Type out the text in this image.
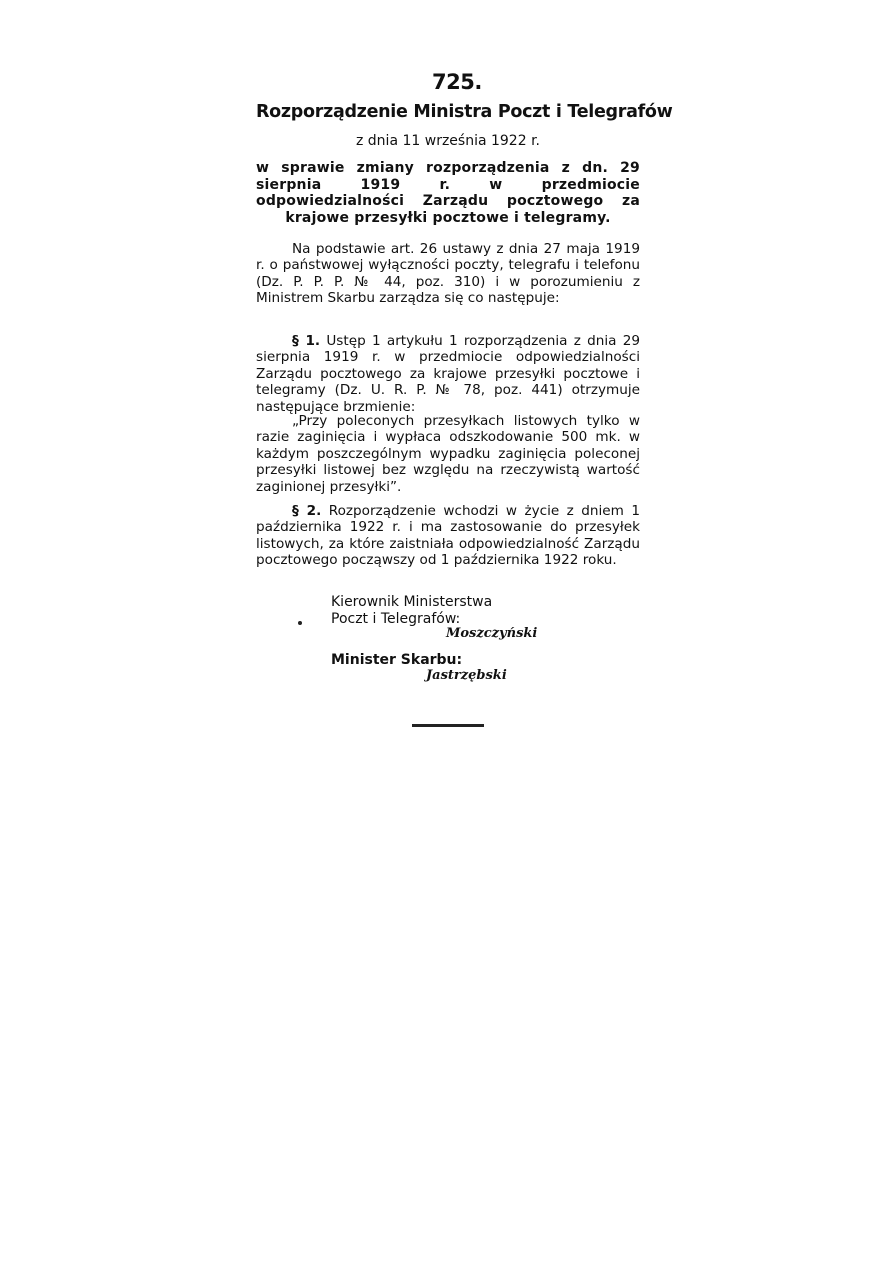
725.
Rozporządzenie Ministra Poczt i Telegrafów
z dnia 11 września 1922 r.
w sprawie zmiany rozporządzenia z dn. 29 sierpnia 1919 r. w przedmiocie odpowiedzialności Zarządu pocztowego za krajowe przesyłki pocztowe i telegramy.
Na podstawie art. 26 ustawy z dnia 27 maja 1919 r. o państwowej wyłączności poczty, telegrafu i telefonu (Dz. P. P. P. № 44, poz. 310) i w porozumieniu z Ministrem Skarbu zarządza się co następuje:
§ 1. Ustęp 1 artykułu 1 rozporządzenia z dnia 29 sierpnia 1919 r. w przedmiocie odpowiedzialności Zarządu pocztowego za krajowe przesyłki pocztowe i telegramy (Dz. U. R. P. № 78, poz. 441) otrzymuje następujące brzmienie:
„Przy poleconych przesyłkach listowych tylko w razie zaginięcia i wypłaca odszkodowanie 500 mk. w każdym poszczególnym wypadku zaginięcia poleconej przesyłki listowej bez względu na rzeczywistą wartość zaginionej przesyłki”.
§ 2. Rozporządzenie wchodzi w życie z dniem 1 października 1922 r. i ma zastosowanie do przesyłek listowych, za które zaistniała odpowiedzialność Zarządu pocztowego począwszy od 1 października 1922 roku.
Kierownik Ministerstwa
Poczt i Telegrafów:
Moszczyński
Minister Skarbu:
Jastrzębski
